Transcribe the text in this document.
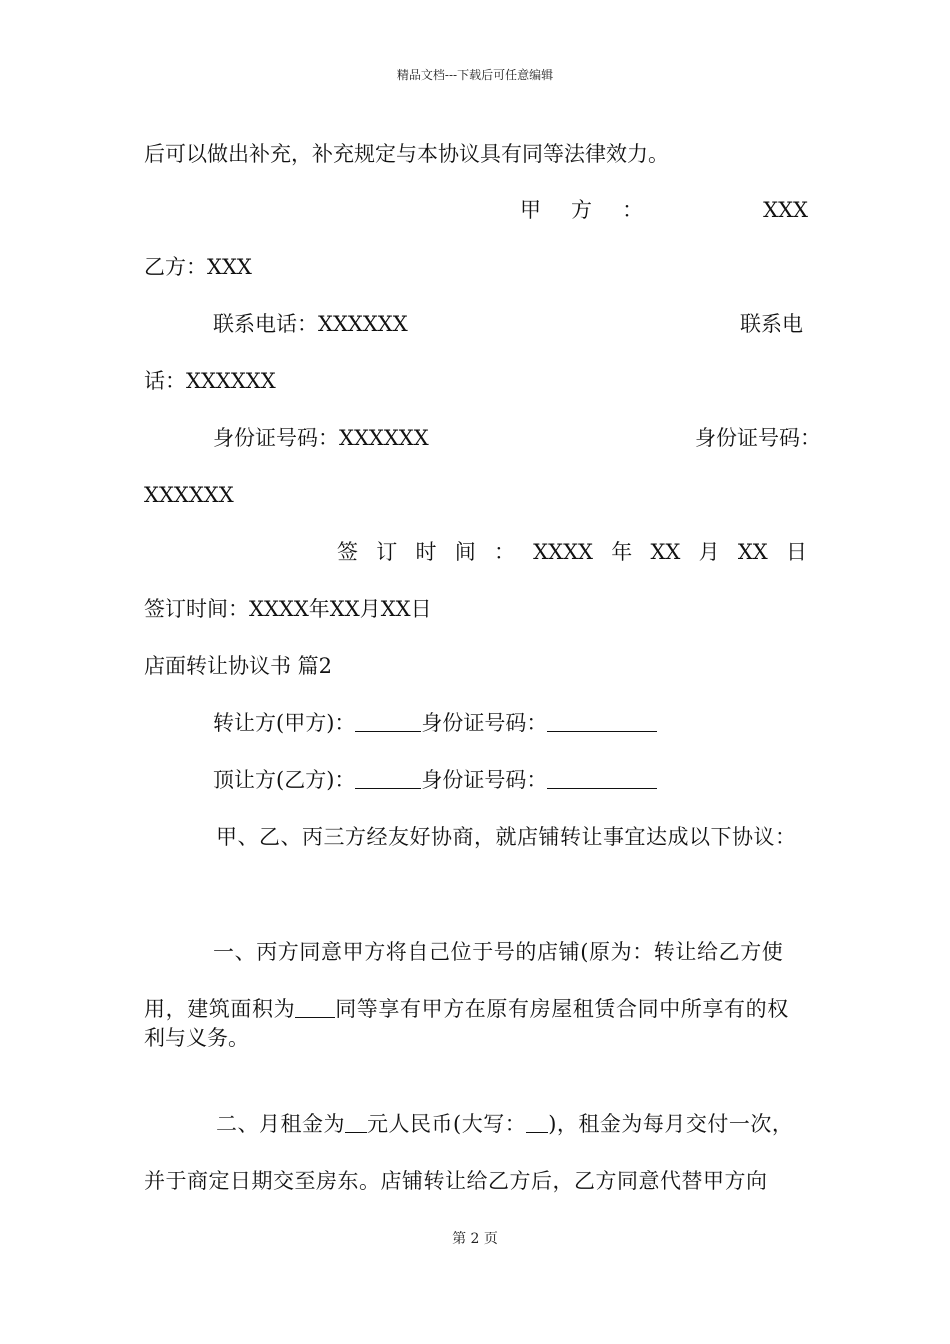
精品文档---下载后可任意编辑
后可以做出补充，补充规定与本协议具有同等法律效力。
甲 方 ：	XXX
乙方：XXX
联系电话：XXXXXX	联系电
话：XXXXXX
身份证号码：XXXXXX	身份证号码：
XXXXXX
签 订 时 间 ： XXXX 年 XX 月 XX 日
签订时间：XXXX年XX月XX日
店面转让协议书 篇2
转让方(甲方)：	身份证号码：
顶让方(乙方)：	身份证号码：
甲、乙、丙三方经友好协商，就店铺转让事宜达成以下协议：
一、丙方同意甲方将自己位于号的店铺(原为：转让给乙方使
用，建筑面积为 同等享有甲方在原有房屋租赁合同中所享有的权
利与义务。
二、月租金为 元人民币(大写： )，租金为每月交付一次，
并于商定日期交至房东。店铺转让给乙方后，乙方同意代替甲方向
第 2 页
